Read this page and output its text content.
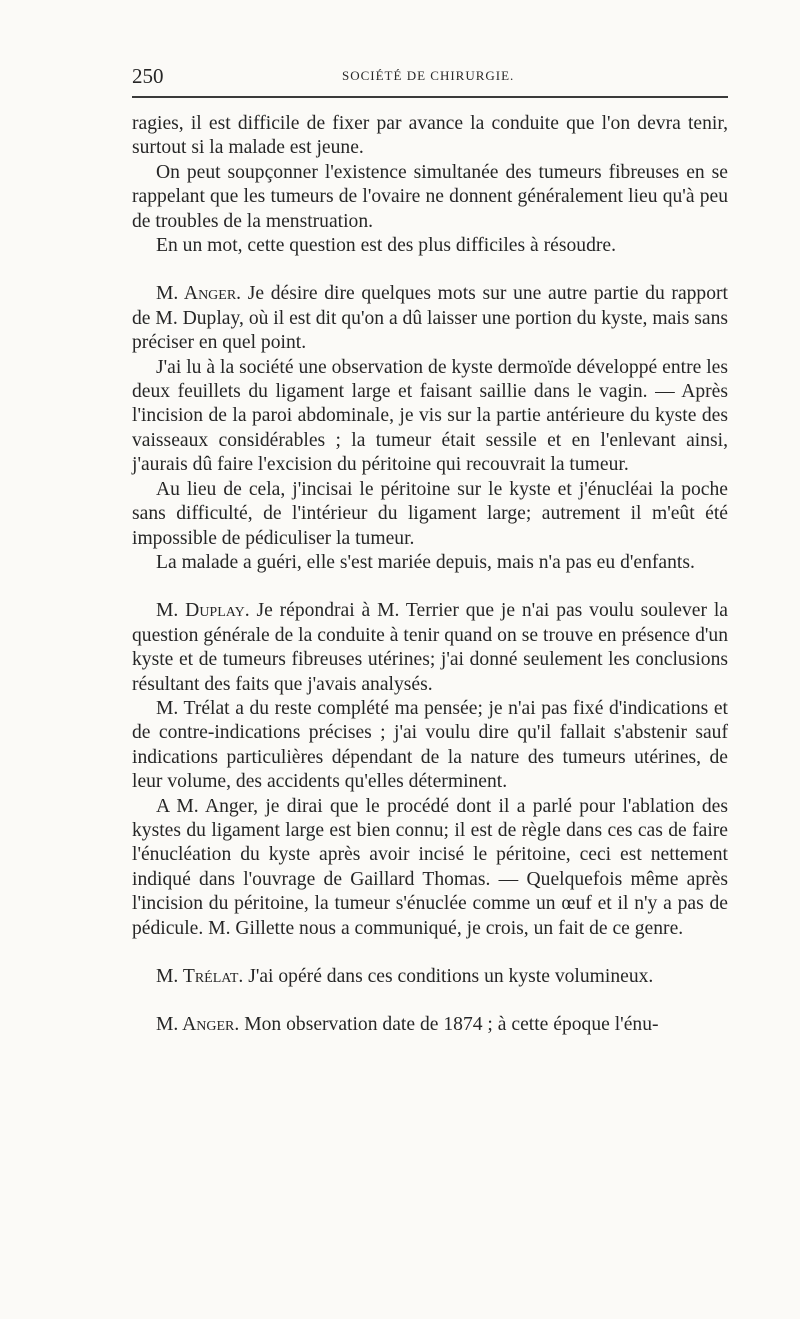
250	SOCIÉTÉ DE CHIRURGIE.

ragies, il est difficile de fixer par avance la conduite que l'on devra tenir, surtout si la malade est jeune.

On peut soupçonner l'existence simultanée des tumeurs fibreuses en se rappelant que les tumeurs de l'ovaire ne donnent généralement lieu qu'à peu de troubles de la menstruation.

En un mot, cette question est des plus difficiles à résoudre.

M. Anger. Je désire dire quelques mots sur une autre partie du rapport de M. Duplay, où il est dit qu'on a dû laisser une portion du kyste, mais sans préciser en quel point.

J'ai lu à la société une observation de kyste dermoïde développé entre les deux feuillets du ligament large et faisant saillie dans le vagin. — Après l'incision de la paroi abdominale, je vis sur la partie antérieure du kyste des vaisseaux considérables ; la tumeur était sessile et en l'enlevant ainsi, j'aurais dû faire l'excision du péritoine qui recouvrait la tumeur.

Au lieu de cela, j'incisai le péritoine sur le kyste et j'énucléai la poche sans difficulté, de l'intérieur du ligament large; autrement il m'eût été impossible de pédiculiser la tumeur.

La malade a guéri, elle s'est mariée depuis, mais n'a pas eu d'enfants.

M. Duplay. Je répondrai à M. Terrier que je n'ai pas voulu soulever la question générale de la conduite à tenir quand on se trouve en présence d'un kyste et de tumeurs fibreuses utérines; j'ai donné seulement les conclusions résultant des faits que j'avais analysés.

M. Trélat a du reste complété ma pensée; je n'ai pas fixé d'indications et de contre-indications précises ; j'ai voulu dire qu'il fallait s'abstenir sauf indications particulières dépendant de la nature des tumeurs utérines, de leur volume, des accidents qu'elles déterminent.

A M. Anger, je dirai que le procédé dont il a parlé pour l'ablation des kystes du ligament large est bien connu; il est de règle dans ces cas de faire l'énucléation du kyste après avoir incisé le péritoine, ceci est nettement indiqué dans l'ouvrage de Gaillard Thomas. — Quelquefois même après l'incision du péritoine, la tumeur s'énuclée comme un œuf et il n'y a pas de pédicule. M. Gillette nous a communiqué, je crois, un fait de ce genre.

M. Trélat. J'ai opéré dans ces conditions un kyste volumineux.

M. Anger. Mon observation date de 1874 ; à cette époque l'énu-
